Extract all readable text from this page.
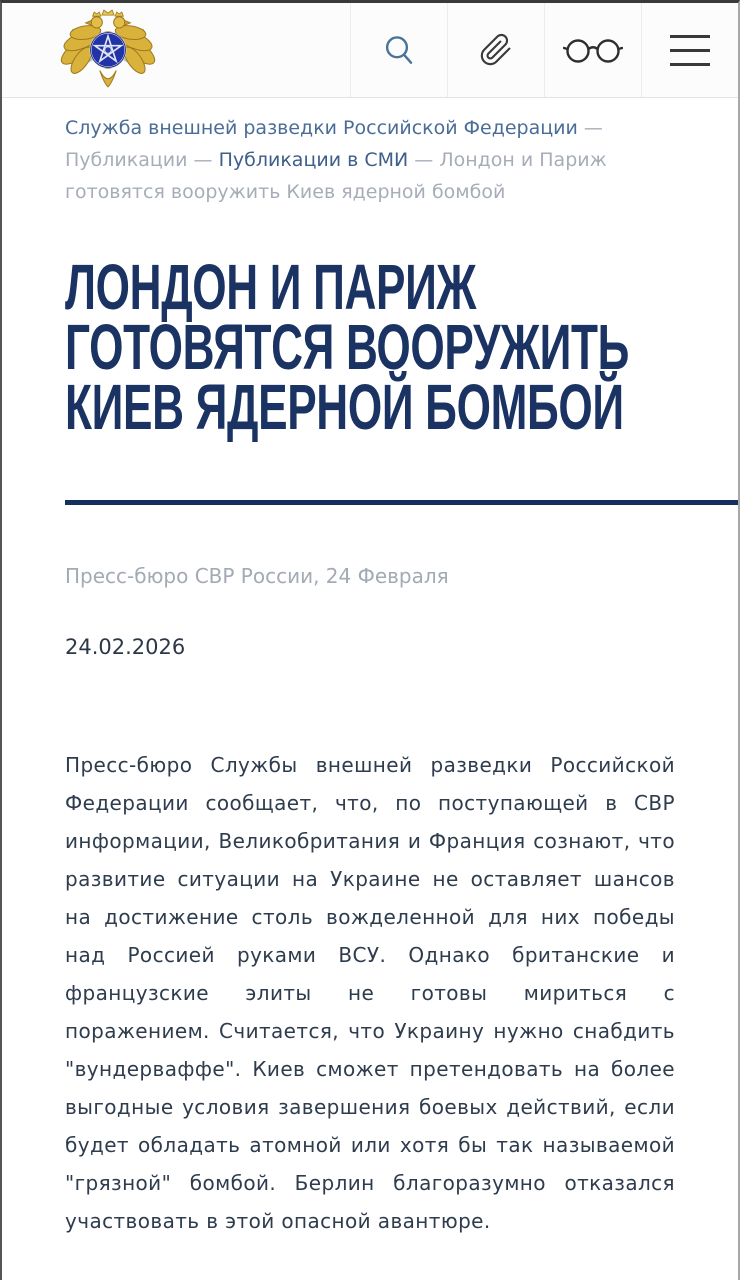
Служба внешней разведки Российской Федерации —
Публикации — Публикации в СМИ — Лондон и Париж готовятся вооружить Киев ядерной бомбой
ЛОНДОН И ПАРИЖ
ГОТОВЯТСЯ ВООРУЖИТЬ
КИЕВ ЯДЕРНОЙ БОМБОЙ
Пресс-бюро СВР России, 24 Февраля
24.02.2026

Пресс-бюро Службы внешней разведки Российской Федерации сообщает, что, по поступающей в СВР информации, Великобритания и Франция сознают, что развитие ситуации на Украине не оставляет шансов на достижение столь вожделенной для них победы над Россией руками ВСУ. Однако британские и французские элиты не готовы мириться с поражением. Считается, что Украину нужно снабдить "вундерваффе". Киев сможет претендовать на более выгодные условия завершения боевых действий, если будет обладать атомной или хотя бы так называемой "грязной" бомбой. Берлин благоразумно отказался участвовать в этой опасной авантюре.
